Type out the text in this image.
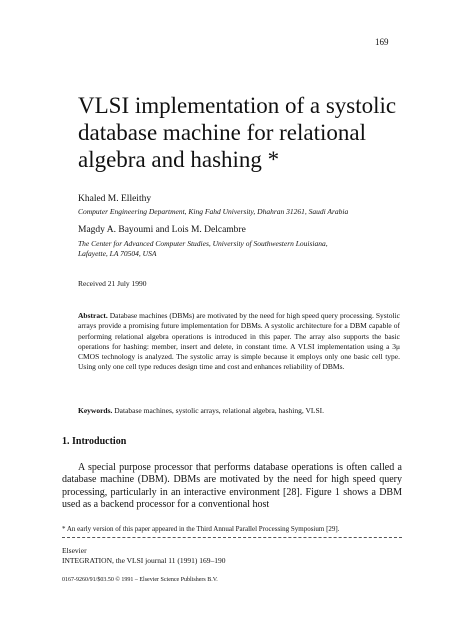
169
VLSI implementation of a systolic
database machine for relational
algebra and hashing *
Khaled M. Elleithy
Computer Engineering Department, King Fahd University, Dhahran 31261, Saudi Arabia
Magdy A. Bayoumi and Lois M. Delcambre
The Center for Advanced Computer Studies, University of Southwestern Louisiana,
Lafayette, LA 70504, USA
Received 21 July 1990
Abstract. Database machines (DBMs) are motivated by the need for high speed query processing. Systolic arrays provide a promising future implementation for DBMs. A systolic architecture for a DBM capable of performing relational algebra operations is introduced in this paper. The array also supports the basic operations for hashing: member, insert and delete, in constant time. A VLSI implementation using a 3μ CMOS technology is analyzed. The systolic array is simple because it employs only one basic cell type. Using only one cell type reduces design time and cost and enhances reliability of DBMs.
Keywords. Database machines, systolic arrays, relational algebra, hashing, VLSI.
1. Introduction
A special purpose processor that performs database operations is often called a database machine (DBM). DBMs are motivated by the need for high speed query processing, particularly in an interactive environment [28]. Figure 1 shows a DBM used as a backend processor for a conventional host
* An early version of this paper appeared in the Third Annual Parallel Processing Symposium [29].
Elsevier
INTEGRATION, the VLSI journal 11 (1991) 169–190
0167-9260/91/$03.50 © 1991 – Elsevier Science Publishers B.V.
